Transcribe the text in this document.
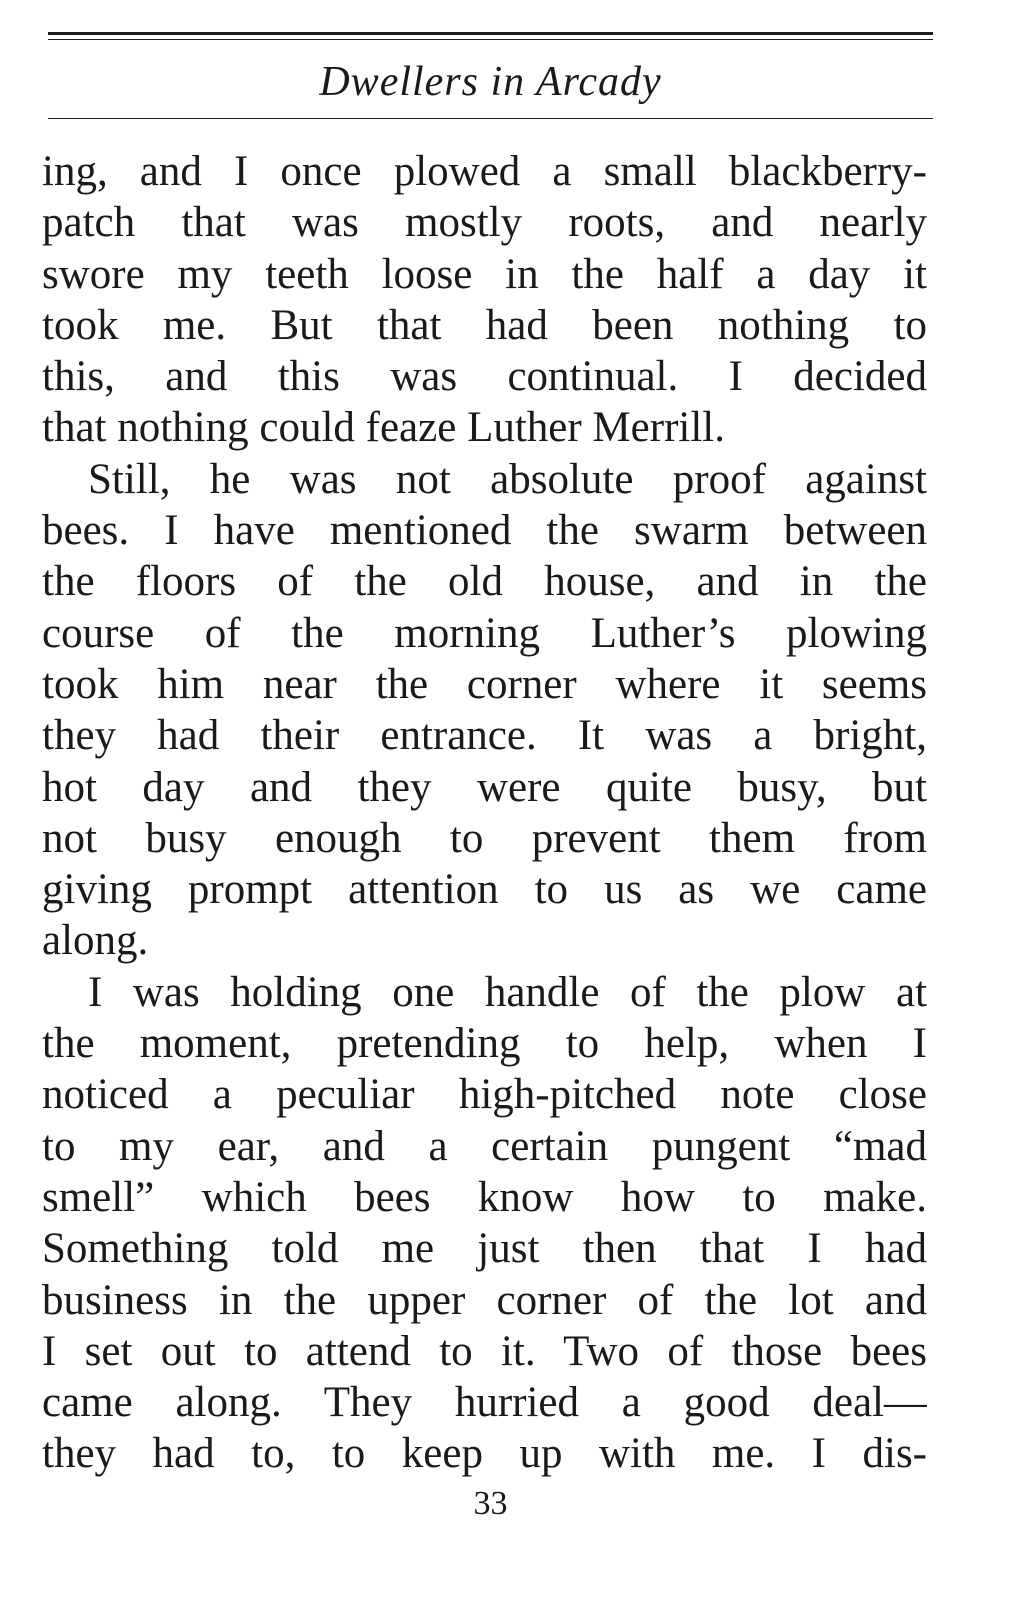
Dwellers in Arcady
ing, and I once plowed a small blackberry-
patch that was mostly roots, and nearly
swore my teeth loose in the half a day it
took me. But that had been nothing to
this, and this was continual. I decided
that nothing could feaze Luther Merrill.
Still, he was not absolute proof against
bees. I have mentioned the swarm between
the floors of the old house, and in the
course of the morning Luther’s plowing
took him near the corner where it seems
they had their entrance. It was a bright,
hot day and they were quite busy, but
not busy enough to prevent them from
giving prompt attention to us as we came
along.
I was holding one handle of the plow at
the moment, pretending to help, when I
noticed a peculiar high-pitched note close
to my ear, and a certain pungent “mad
smell” which bees know how to make.
Something told me just then that I had
business in the upper corner of the lot and
I set out to attend to it. Two of those bees
came along. They hurried a good deal—
they had to, to keep up with me. I dis-
33
